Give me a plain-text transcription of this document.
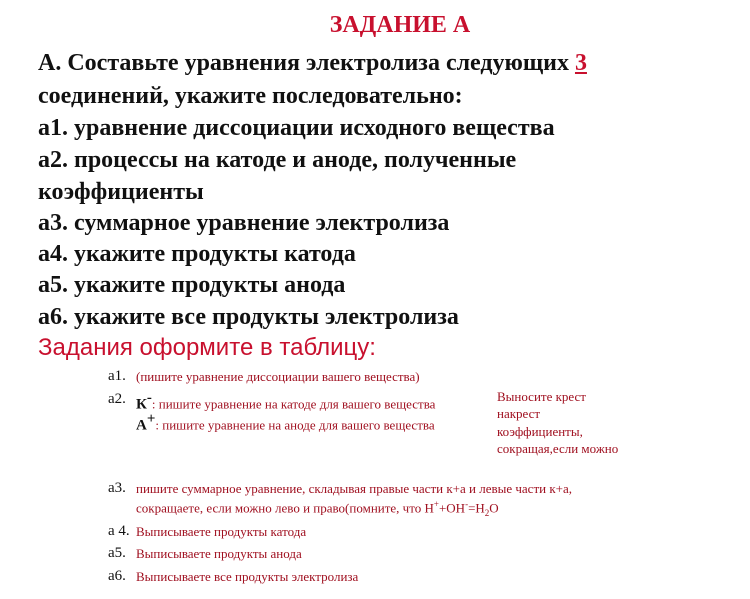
ЗАДАНИЕ А
А. Составьте уравнения электролиза следующих 3
соединений, укажите последовательно:
а1. уравнение диссоциации исходного вещества
а2. процессы на катоде и аноде, полученные
коэффициенты
а3. суммарное уравнение электролиза
а4. укажите продукты катода
а5. укажите продукты анода
а6. укажите все продукты электролиза
Задания оформите в таблицу:
а1. (пишите уравнение диссоциации вашего вещества)
а2. К-: пишите уравнение на катоде для вашего вещества
А+: пишите уравнение на аноде для вашего вещества
Выносите крест
накрест
коэффициенты,
сокращая,если можно
а3. пишите суммарное уравнение, складывая правые части к+а и левые части к+а,
сокращаете, если можно лево и право(помните, что $Н^++ОН^-=Н_2О$
а 4. Выписываете продукты катода
а5. Выписываете продукты анода
а6. Выписываете все продукты электролиза
